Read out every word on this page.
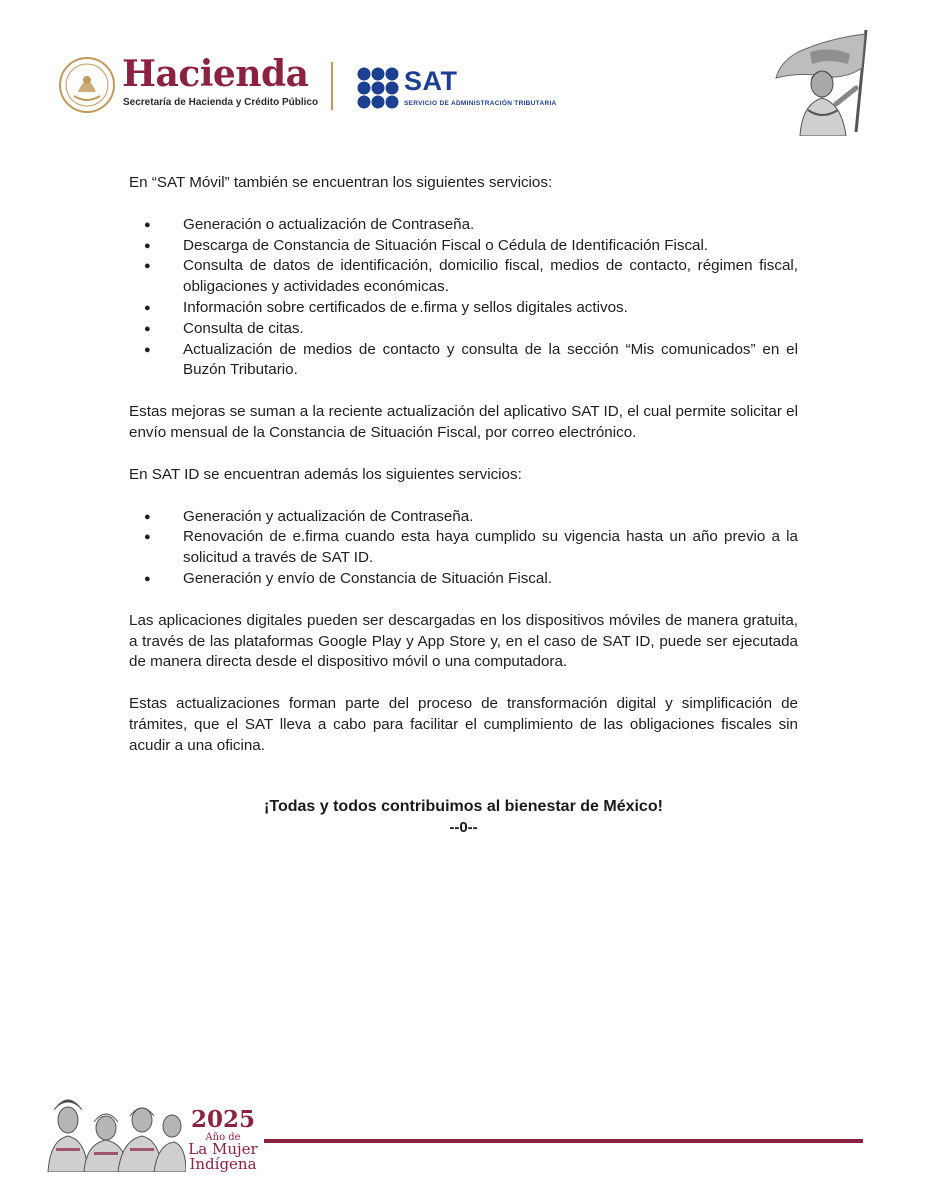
Hacienda
Secretaría de Hacienda y Crédito Público
SAT
SERVICIO DE ADMINISTRACIÓN TRIBUTARIA

En “SAT Móvil” también se encuentran los siguientes servicios:

● Generación o actualización de Contraseña.
● Descarga de Constancia de Situación Fiscal o Cédula de Identificación Fiscal.
● Consulta de datos de identificación, domicilio fiscal, medios de contacto, régimen fiscal, obligaciones y actividades económicas.
● Información sobre certificados de e.firma y sellos digitales activos.
● Consulta de citas.
● Actualización de medios de contacto y consulta de la sección “Mis comunicados” en el Buzón Tributario.

Estas mejoras se suman a la reciente actualización del aplicativo SAT ID, el cual permite solicitar el envío mensual de la Constancia de Situación Fiscal, por correo electrónico.

En SAT ID se encuentran además los siguientes servicios:

● Generación y actualización de Contraseña.
● Renovación de e.firma cuando esta haya cumplido su vigencia hasta un año previo a la solicitud a través de SAT ID.
● Generación y envío de Constancia de Situación Fiscal.

Las aplicaciones digitales pueden ser descargadas en los dispositivos móviles de manera gratuita, a través de las plataformas Google Play y App Store y, en el caso de SAT ID, puede ser ejecutada de manera directa desde el dispositivo móvil o una computadora.

Estas actualizaciones forman parte del proceso de transformación digital y simplificación de trámites, que el SAT lleva a cabo para facilitar el cumplimiento de las obligaciones fiscales sin acudir a una oficina.

¡Todas y todos contribuimos al bienestar de México!
--0--
2025
Año de
La Mujer
Indígena
